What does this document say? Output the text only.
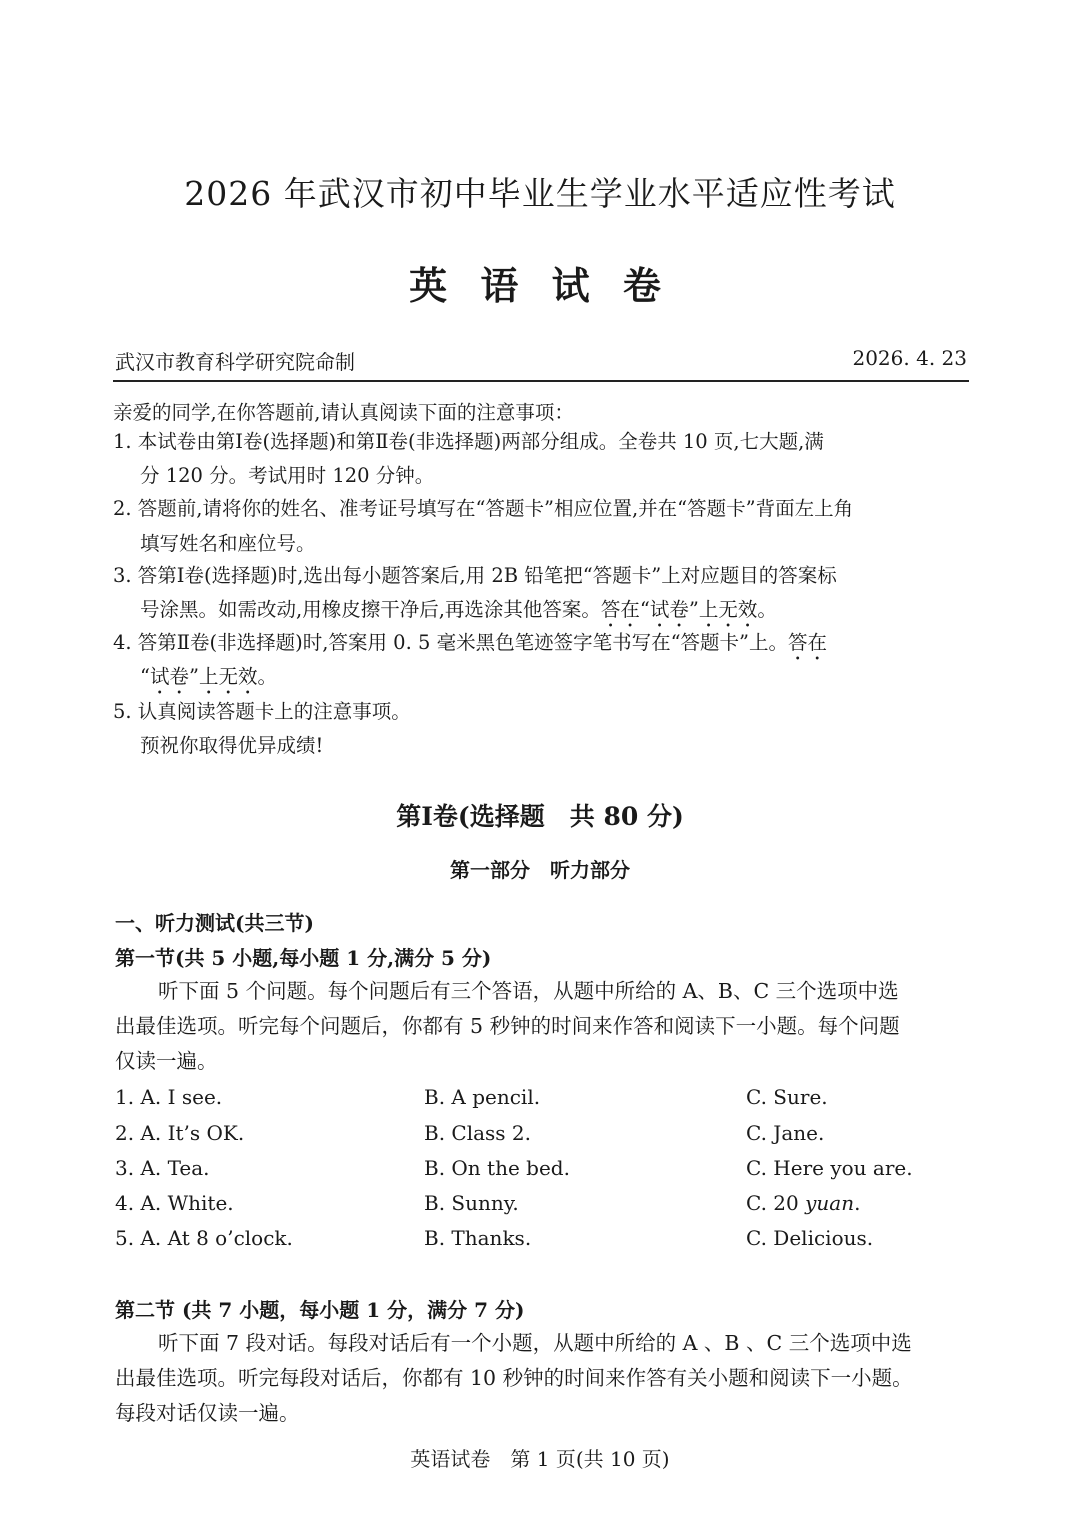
2026 年武汉市初中毕业生学业水平适应性考试
英 语 试 卷
武汉市教育科学研究院命制	2026. 4. 23
亲爱的同学,在你答题前,请认真阅读下面的注意事项：
1. 本试卷由第Ⅰ卷(选择题)和第Ⅱ卷(非选择题)两部分组成。全卷共 10 页,七大题,满
分 120 分。考试用时 120 分钟。
2. 答题前,请将你的姓名、准考证号填写在“答题卡”相应位置,并在“答题卡”背面左上角
填写姓名和座位号。
3. 答第Ⅰ卷(选择题)时,选出每小题答案后,用 2B 铅笔把“答题卡”上对应题目的答案标
号涂黑。如需改动,用橡皮擦干净后,再选涂其他答案。答在“试卷”上无效。
4. 答第Ⅱ卷(非选择题)时,答案用 0. 5 毫米黑色笔迹签字笔书写在“答题卡”上。答在
“试卷”上无效。
5. 认真阅读答题卡上的注意事项。
预祝你取得优异成绩!
第Ⅰ卷(选择题　共 80 分)
第一部分　听力部分
一、听力测试(共三节)
第一节(共 5 小题,每小题 1 分,满分 5 分)
听下面 5 个问题。每个问题后有三个答语，从题中所给的 A、B、C 三个选项中选
出最佳选项。听完每个问题后，你都有 5 秒钟的时间来作答和阅读下一小题。每个问题
仅读一遍。
1. A. I see.	B. A pencil.	C. Sure.
2. A. It’s OK.	B. Class 2.	C. Jane.
3. A. Tea.	B. On the bed.	C. Here you are.
4. A. White.	B. Sunny.	C. 20 yuan.
5. A. At 8 o’clock.	B. Thanks.	C. Delicious.
第二节 (共 7 小题，每小题 1 分，满分 7 分)
听下面 7 段对话。每段对话后有一个小题，从题中所给的 A 、B 、C 三个选项中选
出最佳选项。听完每段对话后，你都有 10 秒钟的时间来作答有关小题和阅读下一小题。
每段对话仅读一遍。
英语试卷　第 1 页(共 10 页)
